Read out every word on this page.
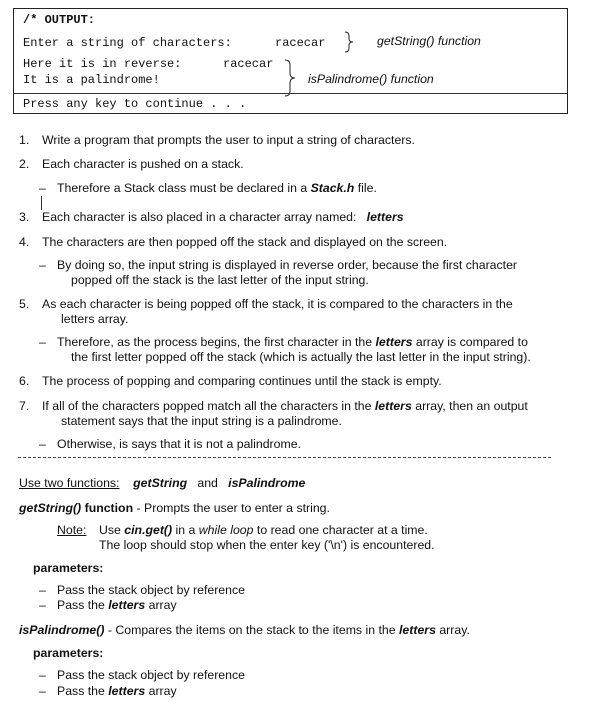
/* OUTPUT:
Enter a string of characters:	racecar	getString() function
Here it is in reverse:	racecar
It is a palindrome!	isPalindrome() function
Press any key to continue . . .
1. Write a program that prompts the user to input a string of characters.
2. Each character is pushed on a stack.
– Therefore a Stack class must be declared in a Stack.h file.
3. Each character is also placed in a character array named: letters
4. The characters are then popped off the stack and displayed on the screen.
– By doing so, the input string is displayed in reverse order, because the first character
popped off the stack is the last letter of the input string.
5. As each character is being popped off the stack, it is compared to the characters in the
letters array.
– Therefore, as the process begins, the first character in the letters array is compared to
the first letter popped off the stack (which is actually the last letter in the input string).
6. The process of popping and comparing continues until the stack is empty.
7. If all of the characters popped match all the characters in the letters array, then an output
statement says that the input string is a palindrome.
– Otherwise, is says that it is not a palindrome.
Use two functions: getString and isPalindrome
getString() function - Prompts the user to enter a string.
Note: Use cin.get() in a while loop to read one character at a time.
The loop should stop when the enter key ('\n') is encountered.
parameters:
– Pass the stack object by reference
– Pass the letters array
isPalindrome() - Compares the items on the stack to the items in the letters array.
parameters:
– Pass the stack object by reference
– Pass the letters array
